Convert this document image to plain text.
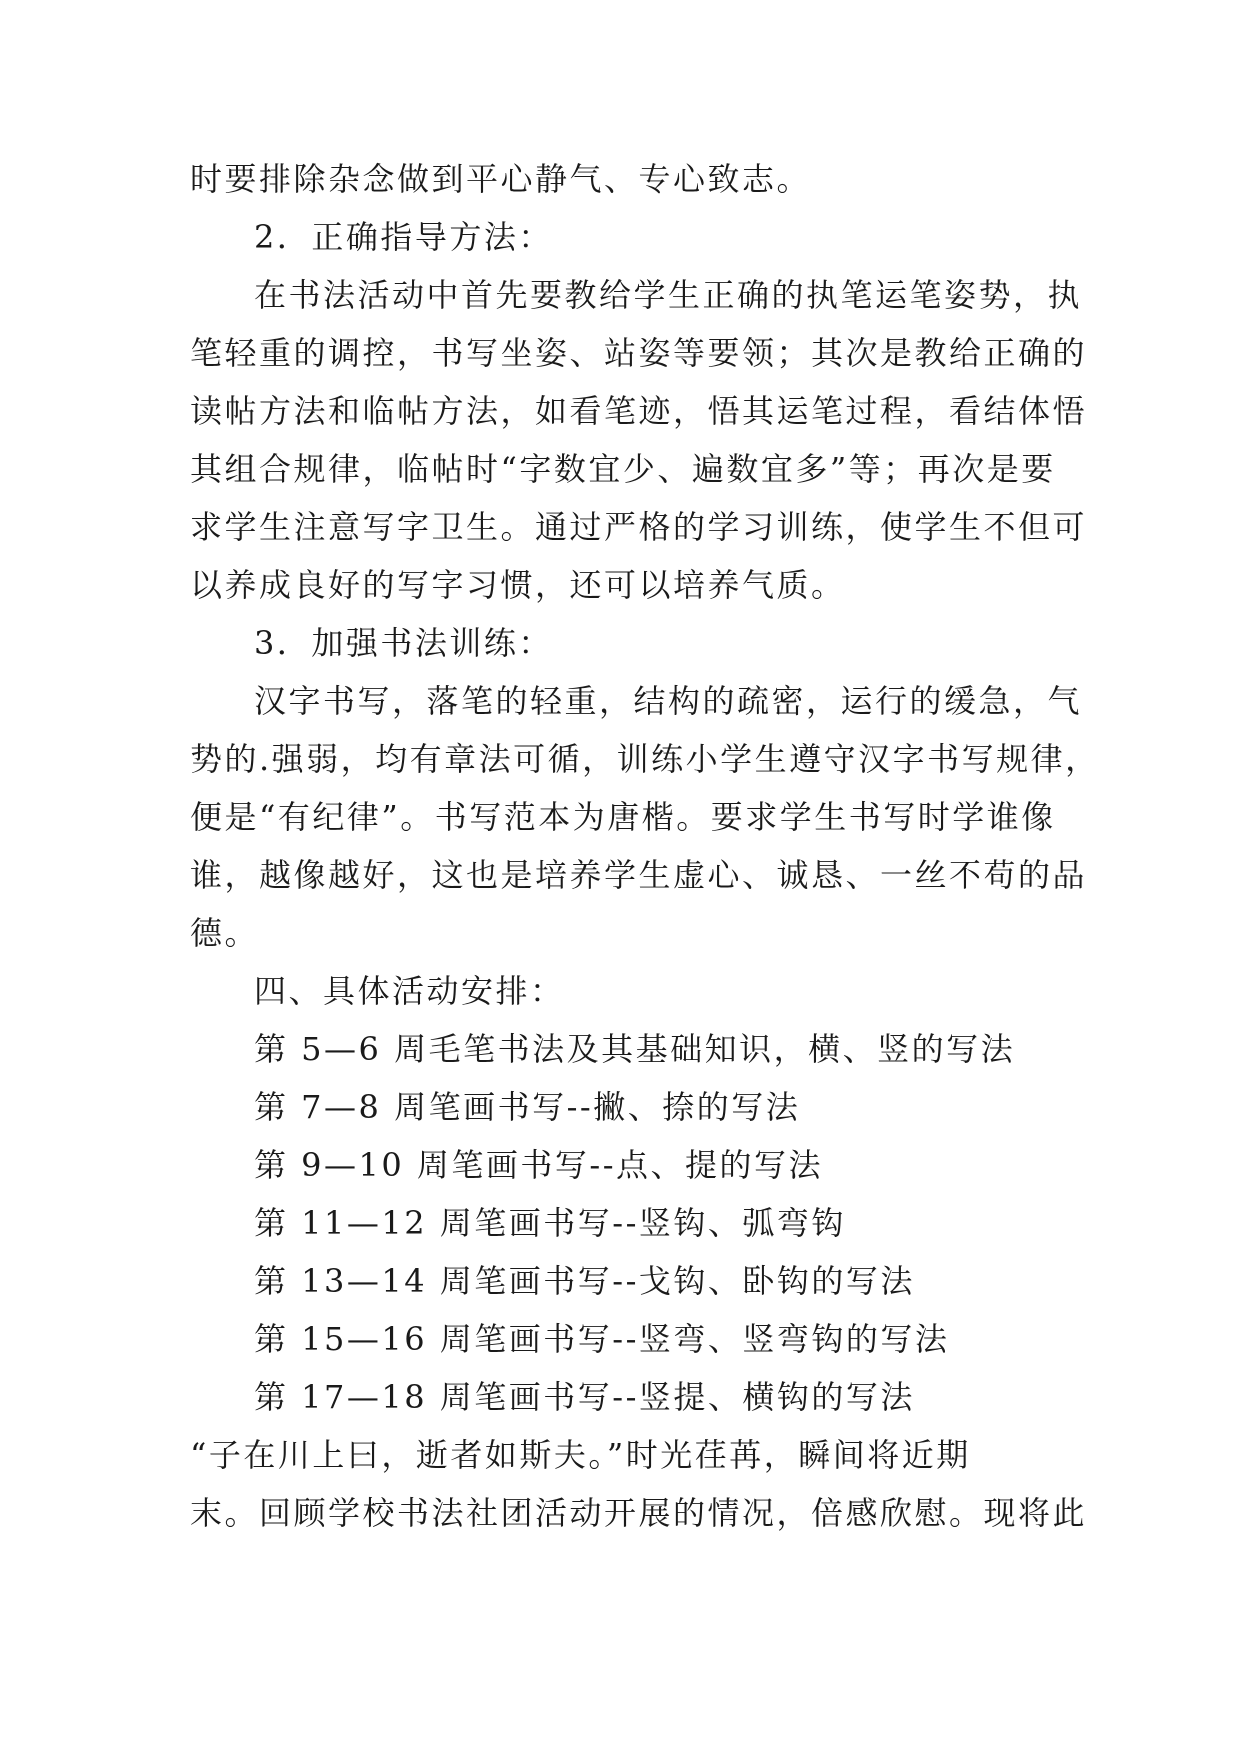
时要排除杂念做到平心静气、专心致志。
2．正确指导方法：
在书法活动中首先要教给学生正确的执笔运笔姿势，执
笔轻重的调控，书写坐姿、站姿等要领；其次是教给正确的
读帖方法和临帖方法，如看笔迹，悟其运笔过程，看结体悟
其组合规律，临帖时“字数宜少、遍数宜多”等；再次是要
求学生注意写字卫生。通过严格的学习训练，使学生不但可
以养成良好的写字习惯，还可以培养气质。
3．加强书法训练：
汉字书写，落笔的轻重，结构的疏密，运行的缓急，气
势的.强弱，均有章法可循，训练小学生遵守汉字书写规律，
便是“有纪律”。书写范本为唐楷。要求学生书写时学谁像
谁，越像越好，这也是培养学生虚心、诚恳、一丝不苟的品
德。
四、具体活动安排：
第 5—6 周毛笔书法及其基础知识，横、竖的写法
第 7—8 周笔画书写--撇、捺的写法
第 9—10 周笔画书写--点、提的写法
第 11—12 周笔画书写--竖钩、弧弯钩
第 13—14 周笔画书写--戈钩、卧钩的写法
第 15—16 周笔画书写--竖弯、竖弯钩的写法
第 17—18 周笔画书写--竖提、横钩的写法
“子在川上曰，逝者如斯夫。”时光荏苒，瞬间将近期
末。回顾学校书法社团活动开展的情况，倍感欣慰。现将此
